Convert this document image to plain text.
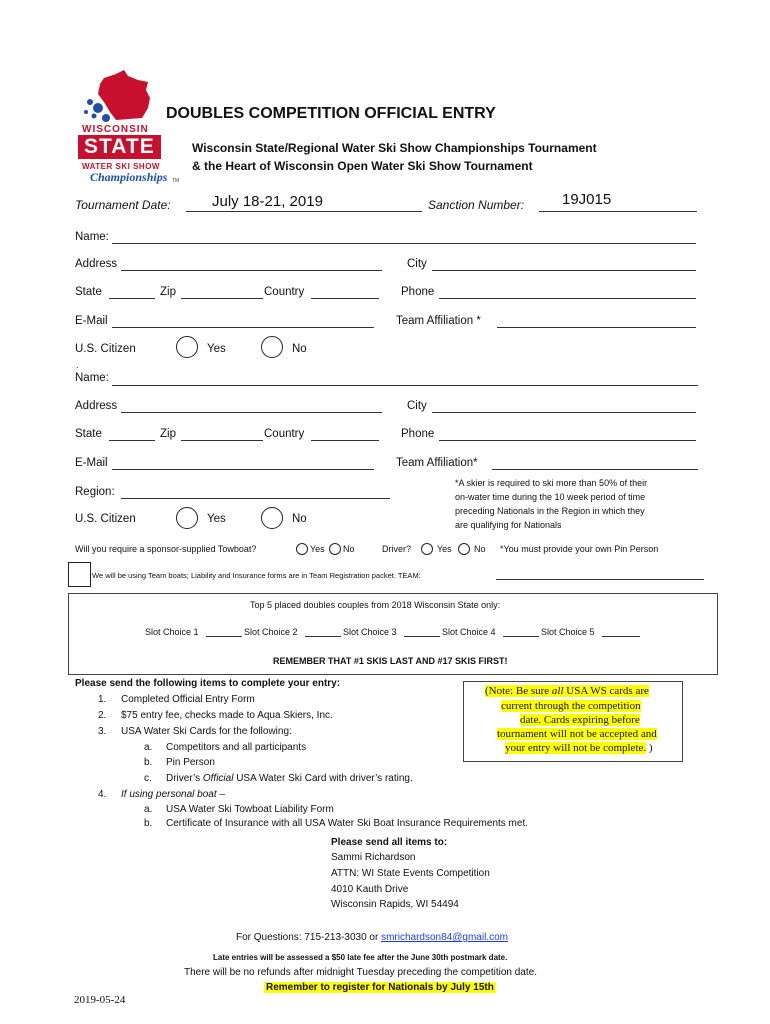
WISCONSIN
STATE
WATER SKI SHOW
Championships TM
DOUBLES COMPETITION OFFICIAL ENTRY
Wisconsin State/Regional Water Ski Show Championships Tournament
& the Heart of Wisconsin Open Water Ski Show Tournament
Tournament Date:	July 18-21, 2019	Sanction Number:	19J015
Name:
Address	City
State	Zip	Country	Phone
E-Mail	Team Affiliation *
U.S. Citizen	Yes	No
.
Name:
Address	City
State	Zip	Country	Phone
E-Mail	Team Affiliation*
Region:
*A skier is required to ski more than 50% of their
on-water time during the 10 week period of time
preceding Nationals in the Region in which they
are qualifying for Nationals
U.S. Citizen	Yes	No
Will you require a sponsor-supplied Towboat?	Yes No	Driver?	Yes No *You must provide your own Pin Person
We will be using Team boats; Liability and Insurance forms are in Team Registration packet. TEAM:
Top 5 placed doubles couples from 2018 Wisconsin State only:
Slot Choice 1	Slot Choice 2	Slot Choice 3	Slot Choice 4	Slot Choice 5
REMEMBER THAT #1 SKIS LAST AND #17 SKIS FIRST!
Please send the following items to complete your entry:
1. Completed Official Entry Form
2. $75 entry fee, checks made to Aqua Skiers, Inc.
3. USA Water Ski Cards for the following:
a. Competitors and all participants
b. Pin Person
c. Driver’s Official USA Water Ski Card with driver’s rating.
4. If using personal boat –
a. USA Water Ski Towboat Liability Form
b. Certificate of Insurance with all USA Water Ski Boat Insurance Requirements met.
(Note: Be sure all USA WS cards are
current through the competition
date. Cards expiring before
tournament will not be accepted and
your entry will not be complete. )
Please send all items to:
Sammi Richardson
ATTN: WI State Events Competition
4010 Kauth Drive
Wisconsin Rapids, WI 54494
For Questions: 715-213-3030 or smrichardson84@gmail.com
Late entries will be assessed a $50 late fee after the June 30th postmark date.
There will be no refunds after midnight Tuesday preceding the competition date.
Remember to register for Nationals by July 15th
2019-05-24
